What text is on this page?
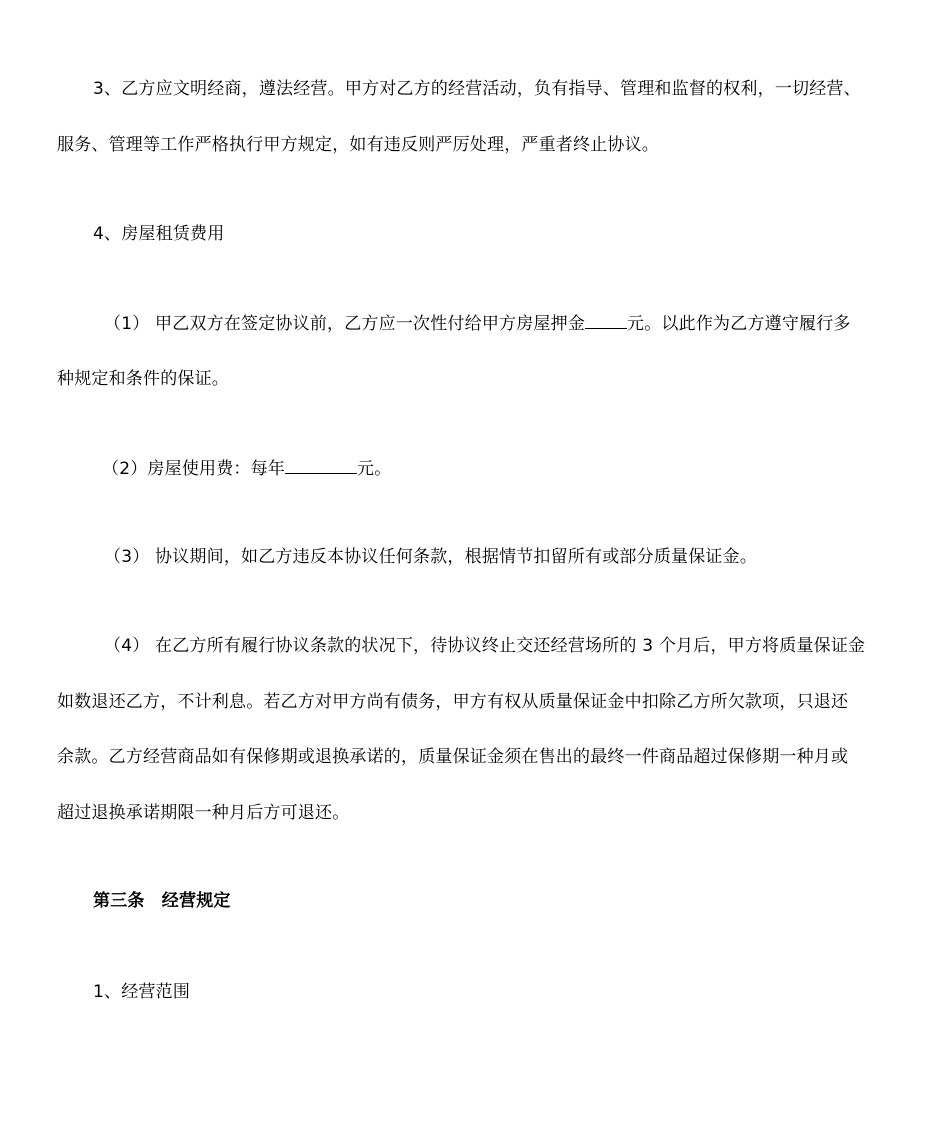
3、乙方应文明经商，遵法经营。甲方对乙方的经营活动，负有指导、管理和监督的权利，一切经营、
服务、管理等工作严格执行甲方规定，如有违反则严厉处理，严重者终止协议。
4、房屋租赁费用
（1） 甲乙双方在签定协议前，乙方应一次性付给甲方房屋押金 元。以此作为乙方遵守履行多
种规定和条件的保证。
（2）房屋使用费：每年	元。
（3） 协议期间，如乙方违反本协议任何条款，根据情节扣留所有或部分质量保证金。
（4） 在乙方所有履行协议条款的状况下，待协议终止交还经营场所的 3 个月后，甲方将质量保证金
如数退还乙方，不计利息。若乙方对甲方尚有债务，甲方有权从质量保证金中扣除乙方所欠款项，只退还
余款。乙方经营商品如有保修期或退换承诺的，质量保证金须在售出的最终一件商品超过保修期一种月或
超过退换承诺期限一种月后方可退还。
第三条　经营规定
1、经营范围
